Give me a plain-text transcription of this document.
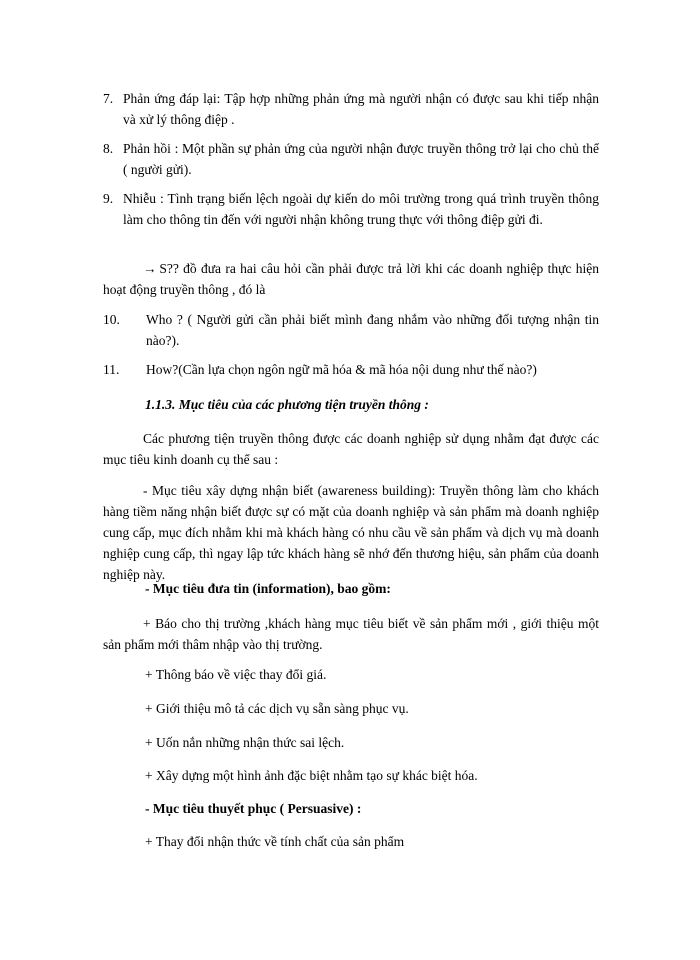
7. Phản ứng đáp lại: Tập hợp những phản ứng mà người nhận có được sau khi tiếp nhận và xử lý thông điệp .
8. Phản hồi : Một phần sự phản ứng của người nhận được truyền thông trở lại cho chủ thể ( người gửi).
9. Nhiễu : Tình trạng biến lệch ngoài dự kiến do môi trường trong quá trình truyền thông làm cho thông tin đến với người nhận không trung thực với thông điệp gửi đi.
→ S?? đồ đưa ra hai câu hỏi cần phải được trả lời khi các doanh nghiệp thực hiện hoạt động truyền thông , đó là
10. Who ? ( Người gửi cần phải biết mình đang nhắm vào những đối tượng nhận tin nào?).
11. How?(Cần lựa chọn ngôn ngữ mã hóa & mã hóa nội dung như thế nào?)
1.1.3. Mục tiêu của các phương tiện truyền thông :
Các phương tiện truyền thông được các doanh nghiệp sử dụng nhằm đạt được các mục tiêu kinh doanh cụ thể sau :
- Mục tiêu xây dựng nhận biết (awareness building): Truyền thông làm cho khách hàng tiềm năng nhận biết được sự có mặt của doanh nghiệp và sản phẩm mà doanh nghiệp cung cấp, mục đích nhằm khi mà khách hàng có nhu cầu về sản phẩm và dịch vụ mà doanh nghiệp cung cấp, thì ngay lập tức khách hàng sẽ nhớ đến thương hiệu, sản phẩm của doanh nghiệp này.
- Mục tiêu đưa tin (information), bao gồm:
+ Báo cho thị trường ,khách hàng mục tiêu biết về sản phẩm mới , giới thiệu một sản phẩm mới thâm nhập vào thị trường.
+ Thông báo về việc thay đổi giá.
+ Giới thiệu mô tả các dịch vụ sẵn sàng phục vụ.
+ Uốn nắn những nhận thức sai lệch.
+ Xây dựng một hình ảnh đặc biệt nhằm tạo sự khác biệt hóa.
- Mục tiêu thuyết phục ( Persuasive) :
+ Thay đổi nhận thức về tính chất của sản phẩm
